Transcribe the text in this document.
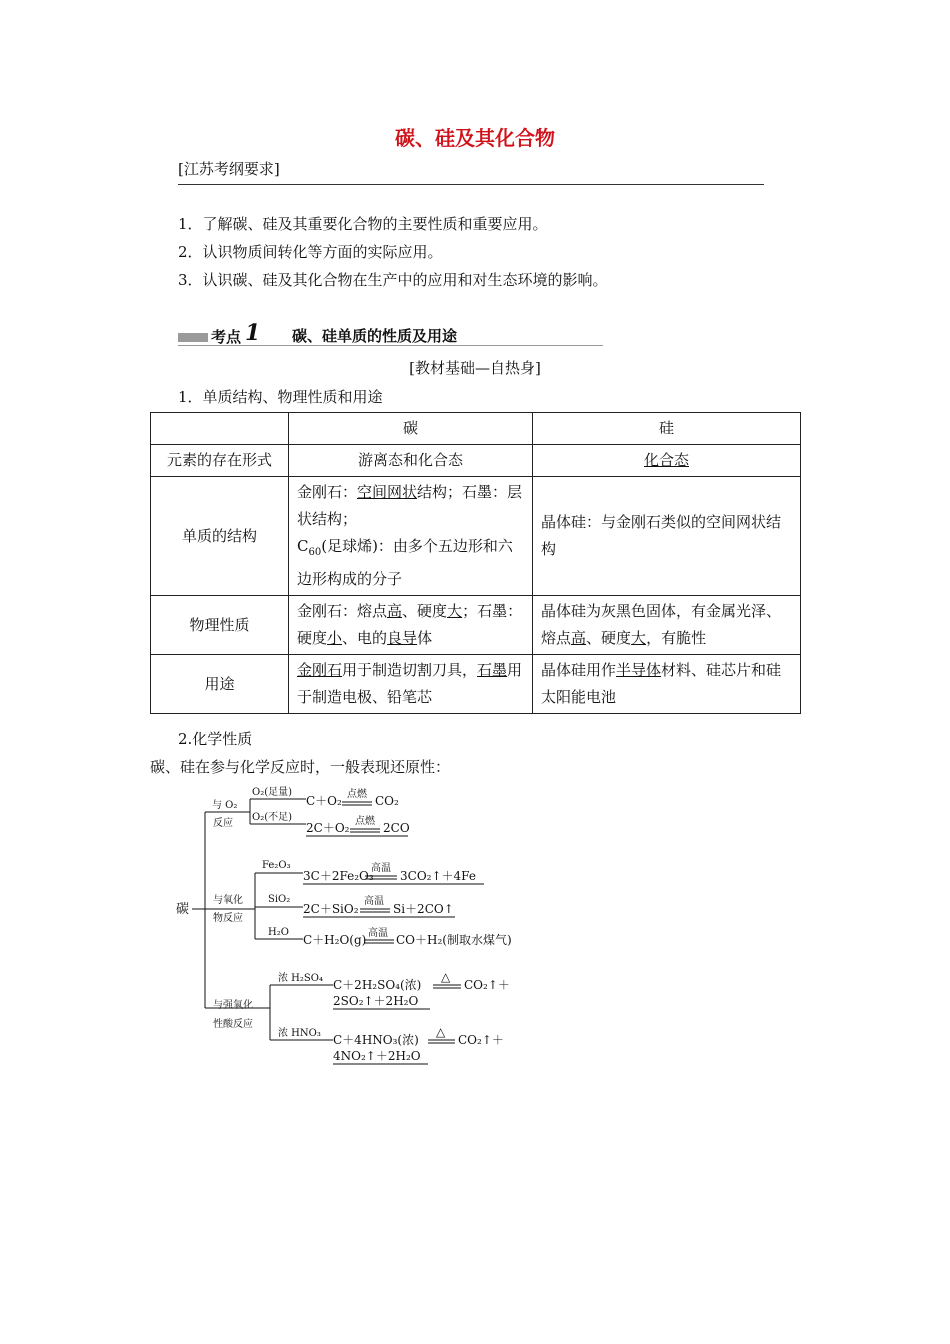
碳、硅及其化合物
[江苏考纲要求]
1．了解碳、硅及其重要化合物的主要性质和重要应用。
2．认识物质间转化等方面的实际应用。
3．认识碳、硅及其化合物在生产中的应用和对生态环境的影响。
考点 1 碳、硅单质的性质及用途
[教材基础—自热身]
1．单质结构、物理性质和用途
	碳	硅
元素的存在形式	游离态和化合态	化合态
单质的结构	金刚石：空间网状结构；石墨：层状结构；
$C_{60}$(足球烯)：由多个五边形和六边形构成的分子	晶体硅：与金刚石类似的空间网状结构
物理性质	金刚石：熔点高、硬度大；石墨：硬度小、电的良导体	晶体硅为灰黑色固体，有金属光泽、熔点高、硬度大，有脆性
用途	金刚石用于制造切割刀具，石墨用于制造电极、铅笔芯	晶体硅用作半导体材料、硅芯片和硅太阳能电池
2.化学性质
碳、硅在参与化学反应时，一般表现还原性：
碳
与 O₂
反应
O₂(足量)
C＋O₂ 点燃 CO₂
O₂(不足)
2C＋O₂ 点燃 2CO
与氧化
物反应
Fe₂O₃
3C＋2Fe₂O₃
高温
3CO₂↑＋4Fe
SiO₂
2C＋SiO₂
高温
Si＋2CO↑
H₂O
C＋H₂O(g) 高温 CO＋H₂(制取水煤气)
与强氧化
性酸反应
浓 H₂SO₄ C＋2H₂SO₄(浓)
△
CO₂↑＋
2SO₂↑＋2H₂O
浓 HNO₃ C＋4HNO₃(浓)
△
CO₂↑＋
4NO₂↑＋2H₂O
